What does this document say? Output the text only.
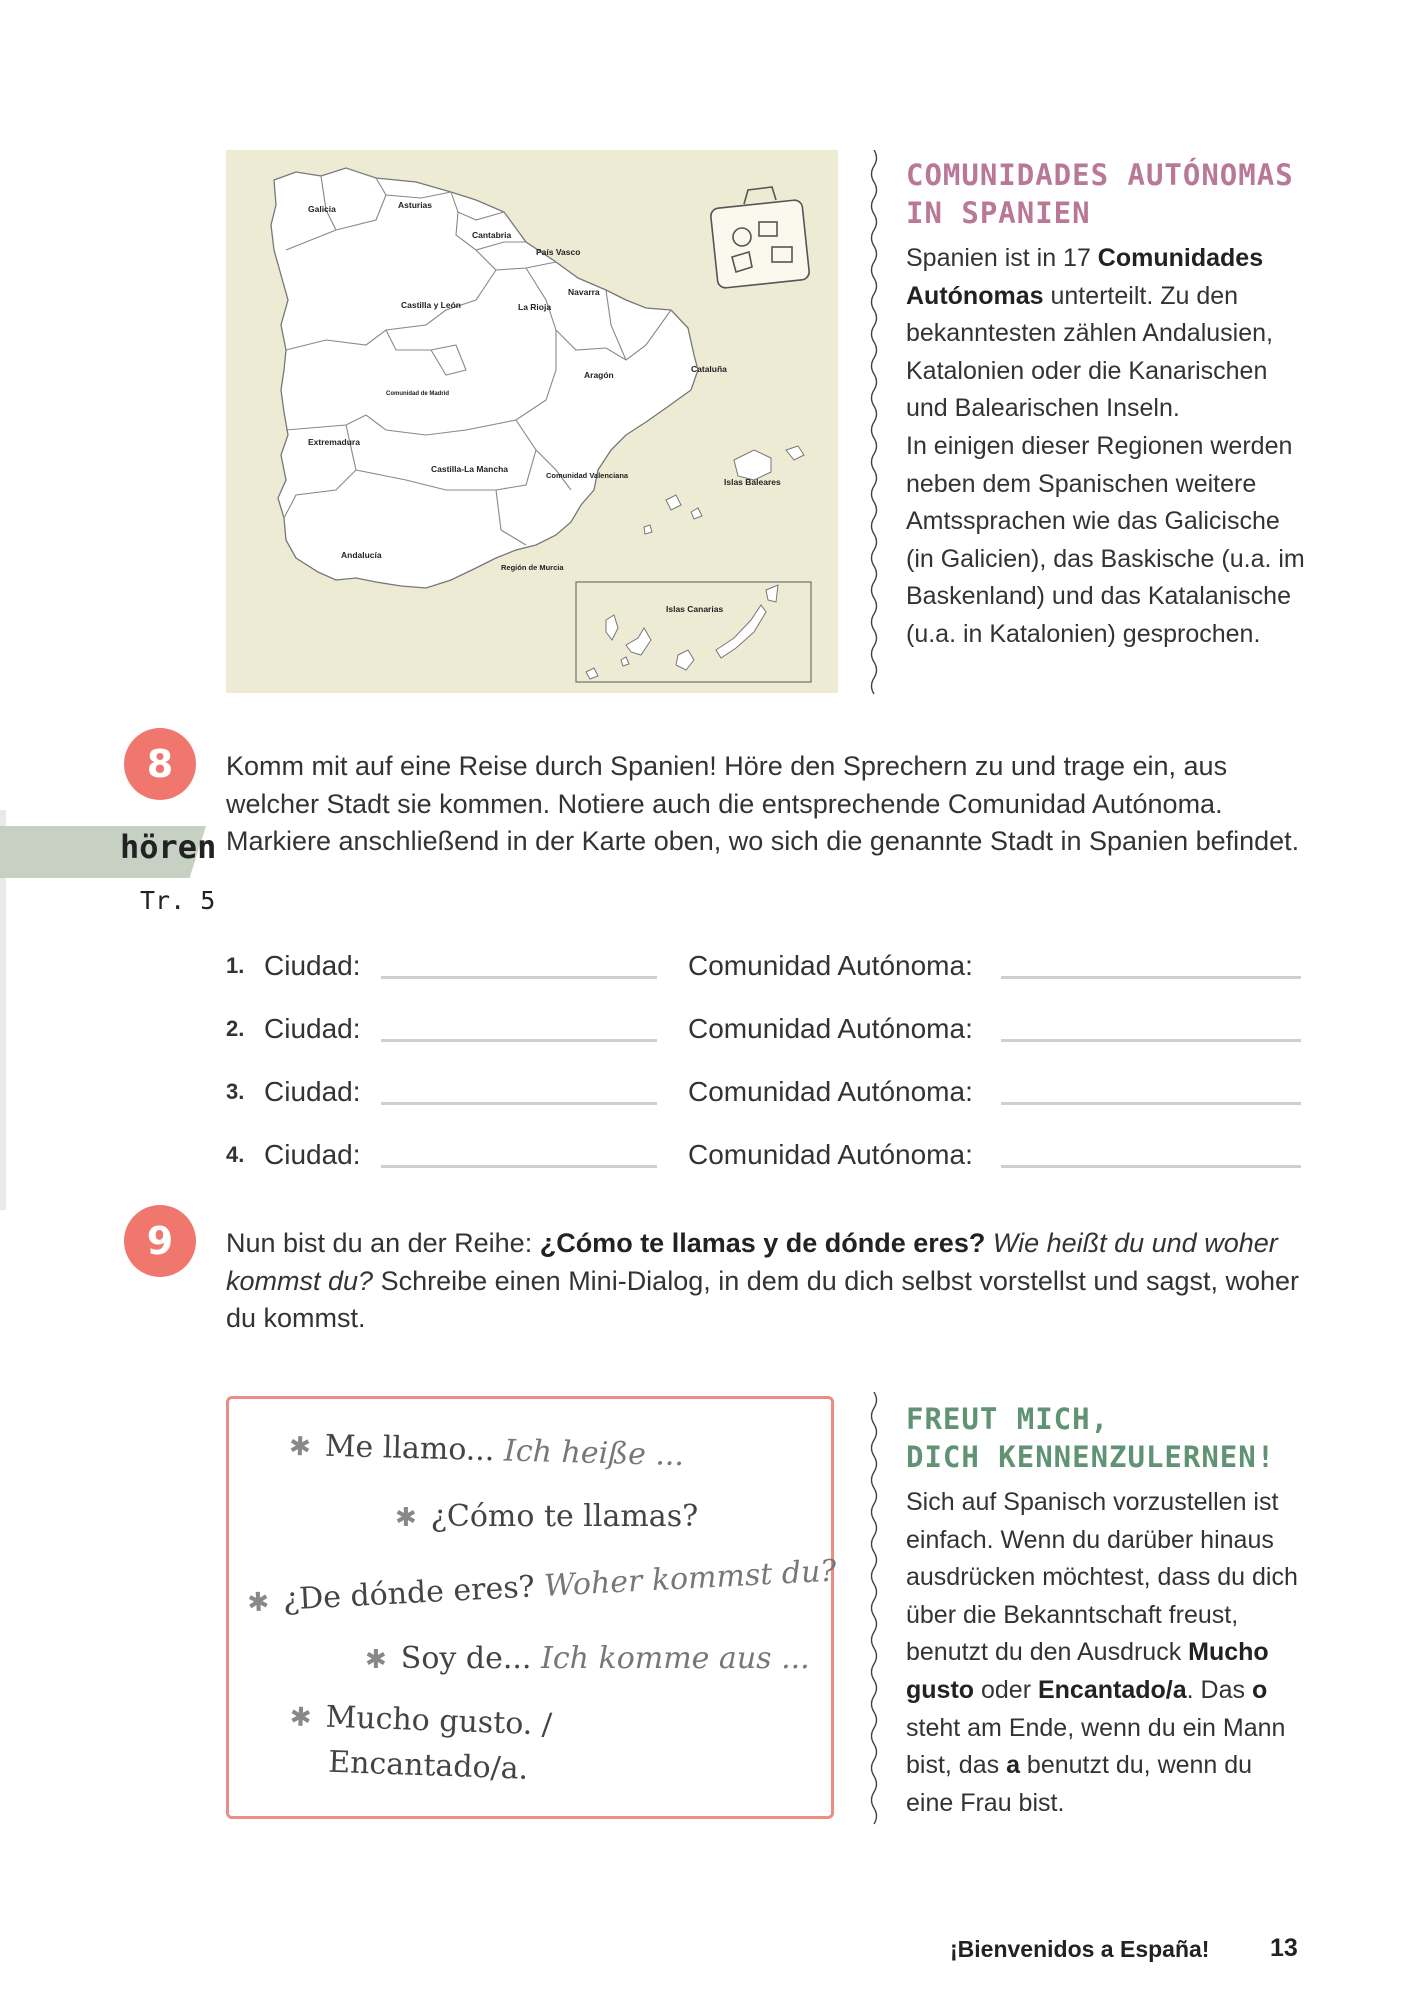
Galicia	Asturias
Cantabria
País Vasco
Navarra
La Rioja
Castilla y León
Aragón
Cataluña
Comunidad de Madrid
Extremadura
Castilla-La Mancha
Comunidad Valenciana
Islas Baleares
Andalucía
Región de Murcia
Islas Canarias
COMUNIDADES AUTÓNOMAS
IN SPANIEN

Spanien ist in 17 Comunidades Autónomas unterteilt. Zu den bekanntesten zählen Andalusien, Katalonien oder die Kanarischen und Balearischen Inseln.
In einigen dieser Regionen werden neben dem Spanischen weitere Amtssprachen wie das Galicische (in Galicien), das Baskische (u.a. im Baskenland) und das Katalanische (u.a. in Katalonien) gesprochen.

8
hören
Tr. 5

Komm mit auf eine Reise durch Spanien! Höre den Sprechern zu und trage ein, aus welcher Stadt sie kommen. Notiere auch die entsprechende Comunidad Autónoma. Markiere anschließend in der Karte oben, wo sich die genannte Stadt in Spanien befindet.

1. Ciudad:	Comunidad Autónoma:
2. Ciudad:	Comunidad Autónoma:
3. Ciudad:	Comunidad Autónoma:
4. Ciudad:	Comunidad Autónoma:
9	Nun bist du an der Reihe: ¿Cómo te llamas y de dónde eres? Wie heißt du und woher kommst du? Schreibe einen Mini-Dialog, in dem du dich selbst vorstellst und sagst, woher du kommst.

✱ Me llamo... Ich heiße ...
✱ ¿Cómo te llamas?
✱ ¿De dónde eres? Woher kommst du?
✱ Soy de... Ich komme aus ...
✱ Mucho gusto. /
Encantado/a.
FREUT MICH,
DICH KENNENZULERNEN!

Sich auf Spanisch vorzustellen ist einfach. Wenn du darüber hinaus ausdrücken möchtest, dass du dich über die Bekanntschaft freust, benutzt du den Ausdruck Mucho gusto oder Encantado/a. Das o steht am Ende, wenn du ein Mann bist, das a benutzt du, wenn du eine Frau bist.

¡Bienvenidos a España! 13
